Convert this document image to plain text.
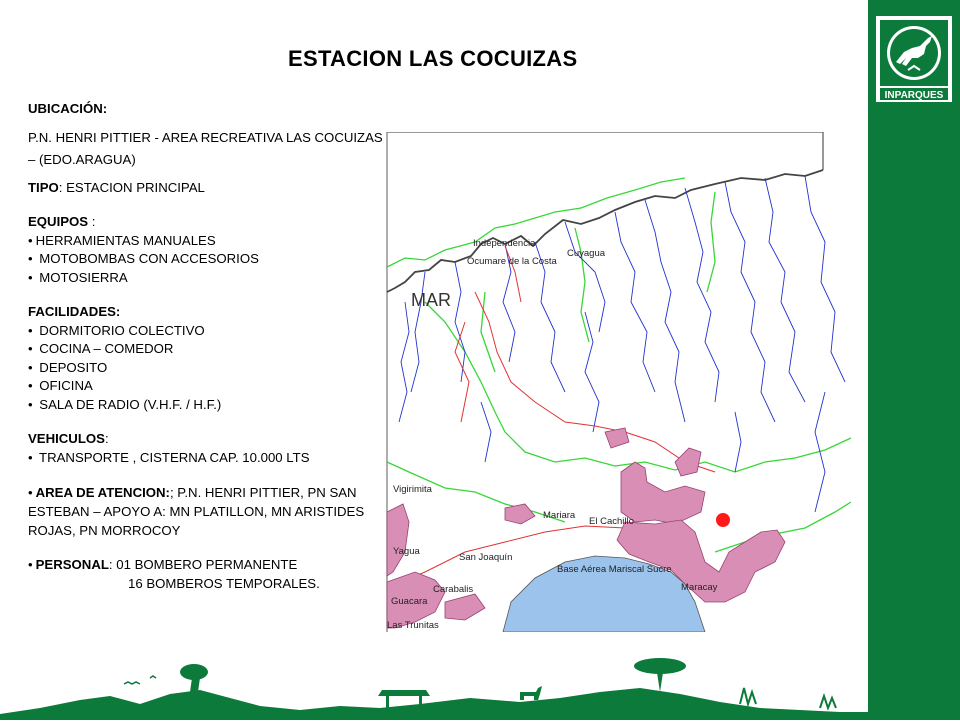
INPARQUES
ESTACION LAS COCUIZAS

UBICACIÓN:

P.N. HENRI PITTIER - AREA RECREATIVA LAS COCUIZAS – (EDO.ARAGUA)

TIPO: ESTACION PRINCIPAL

EQUIPOS :

• HERRAMIENTAS MANUALES

• MOTOBOMBAS CON ACCESORIOS

• MOTOSIERRA

FACILIDADES:

• DORMITORIO COLECTIVO

• COCINA – COMEDOR

• DEPOSITO

• OFICINA

• SALA DE RADIO (V.H.F. / H.F.)

VEHICULOS:

• TRANSPORTE , CISTERNA CAP. 10.000 LTS

• AREA DE ATENCION:; P.N. HENRI PITTIER, PN SAN ESTEBAN – APOYO A: MN PLATILLON, MN ARISTIDES ROJAS, PN MORROCOY

• PERSONAL: 01 BOMBERO PERMANENTE

16 BOMBEROS TEMPORALES.

MAR
Independencia
Cuyagua
Ocumare de la Costa
Vigirimita
Mariara
El Cachillo
Yagua
San Joaquín
Base Aérea Mariscal Sucre
Maracay
Guacara
Carabalis
Las Trunitas
